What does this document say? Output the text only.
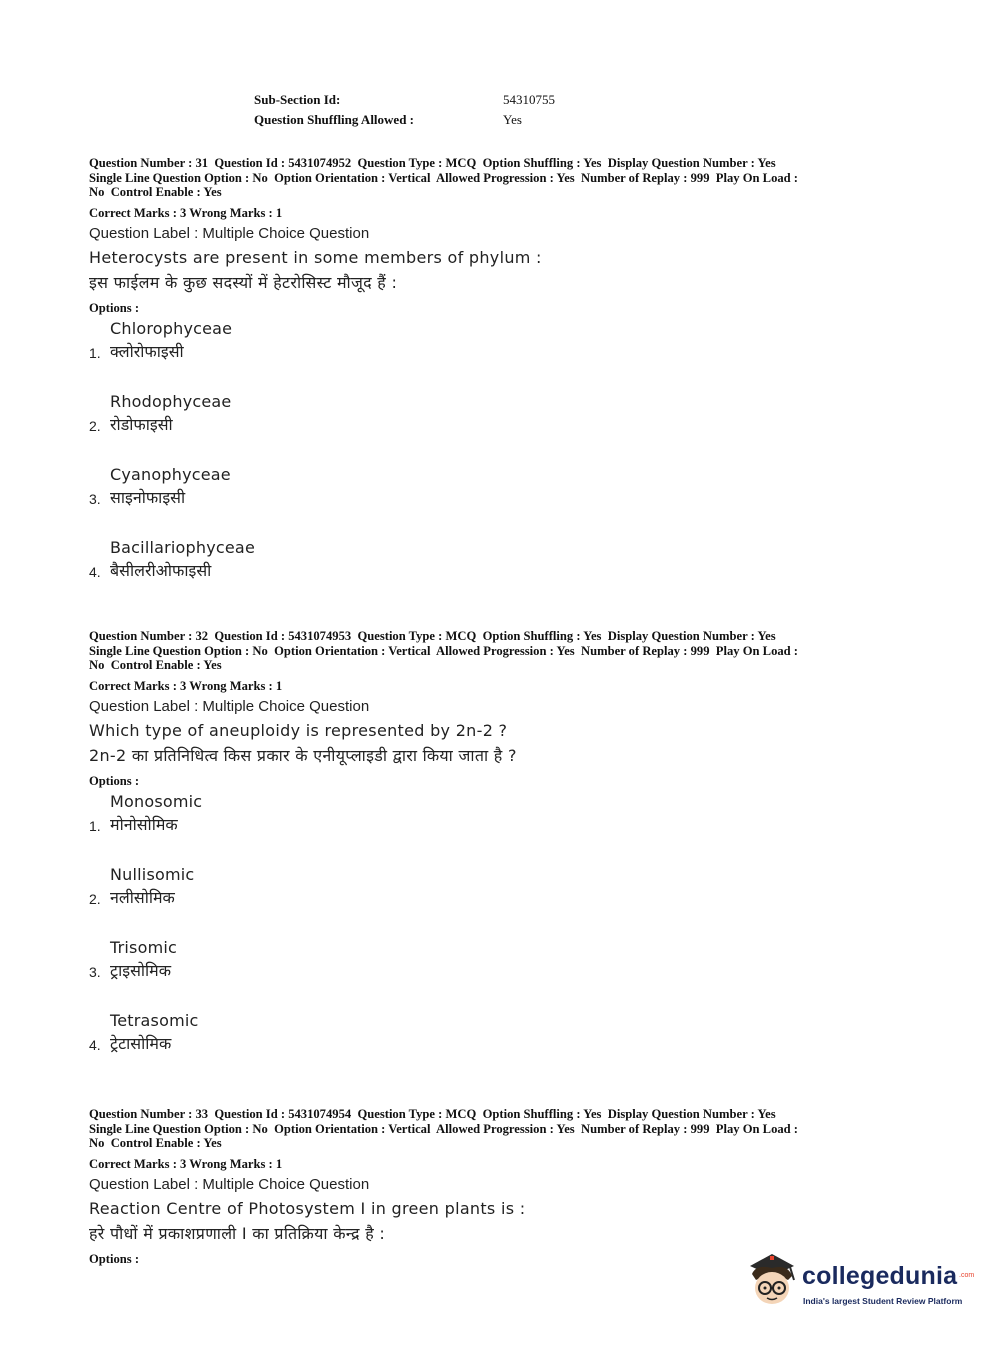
Sub-Section Id:	54310755
Question Shuffling Allowed :	Yes

Question Number : 31  Question Id : 5431074952  Question Type : MCQ  Option Shuffling : Yes  Display Question Number : Yes
Single Line Question Option : No  Option Orientation : Vertical  Allowed Progression : Yes  Number of Replay : 999  Play On Load :
No  Control Enable : Yes

Correct Marks : 3 Wrong Marks : 1
Question Label : Multiple Choice Question
Heterocysts are present in some members of phylum :
इस फाईलम के कुछ सदस्यों में हेटरोसिस्ट मौजूद हैं :
Options :
1.
Chlorophyceae
क्लोरोफाइसी
2.
Rhodophyceae
रोडोफाइसी
3.
Cyanophyceae
साइनोफाइसी
4.
Bacillariophyceae
बैसीलरीओफाइसी

Question Number : 32  Question Id : 5431074953  Question Type : MCQ  Option Shuffling : Yes  Display Question Number : Yes
Single Line Question Option : No  Option Orientation : Vertical  Allowed Progression : Yes  Number of Replay : 999  Play On Load :
No  Control Enable : Yes

Correct Marks : 3 Wrong Marks : 1
Question Label : Multiple Choice Question
Which type of aneuploidy is represented by 2n-2 ?
2n-2 का प्रतिनिधित्व किस प्रकार के एनीयूप्लाइडी द्वारा किया जाता है ?
Options :
1.
Monosomic
मोनोसोमिक
2.
Nullisomic
नलीसोमिक
3.
Trisomic
ट्राइसोमिक
4.
Tetrasomic
ट्रेटासोमिक

Question Number : 33  Question Id : 5431074954  Question Type : MCQ  Option Shuffling : Yes  Display Question Number : Yes
Single Line Question Option : No  Option Orientation : Vertical  Allowed Progression : Yes  Number of Replay : 999  Play On Load :
No  Control Enable : Yes

Correct Marks : 3 Wrong Marks : 1
Question Label : Multiple Choice Question
Reaction Centre of Photosystem I in green plants is :
हरे पौधों में प्रकाशप्रणाली I का प्रतिक्रिया केन्द्र है :
Options :
collegedunia .com
India's largest Student Review Platform
